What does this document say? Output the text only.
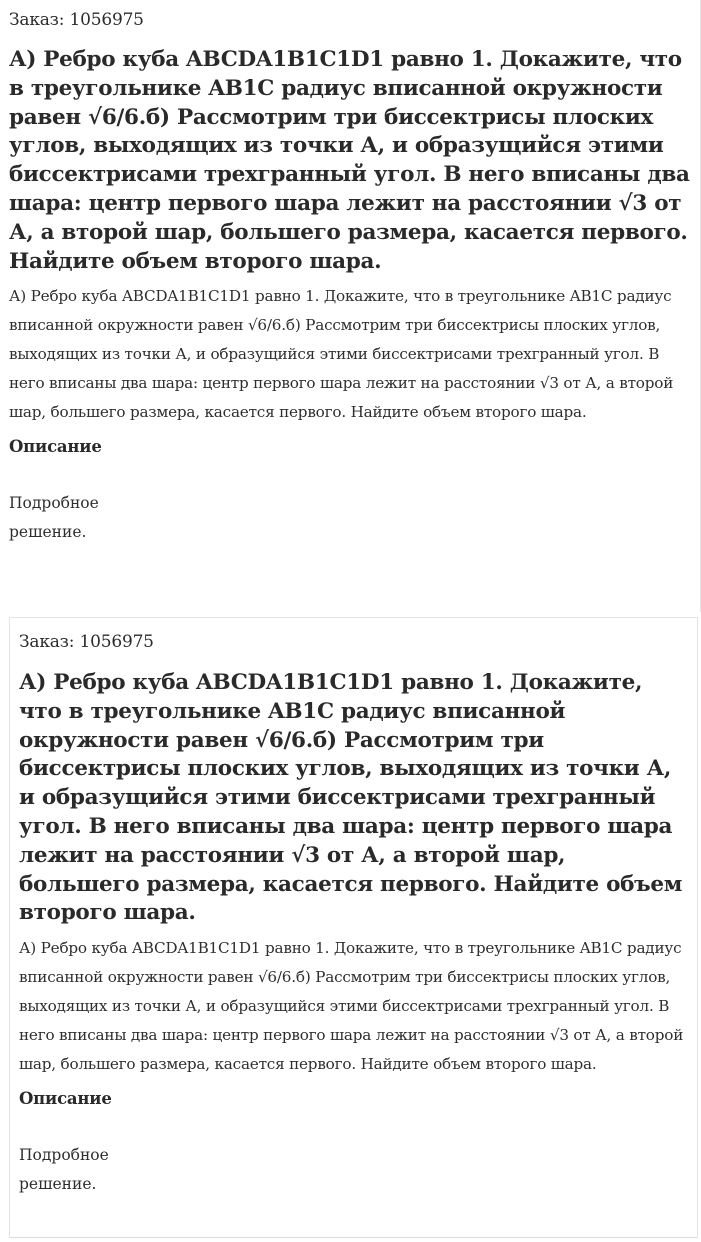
Заказ: 1056975
А) Ребро куба ABCDA1B1C1D1 равно 1. Докажите, что в треугольнике AB1C радиус вписанной окружности равен √6/6.б) Рассмотрим три биссектрисы плоских углов, выходящих из точки А, и образущийся этими биссектрисами трехгранный угол. В него вписаны два шара: центр первого шара лежит на расстоянии √3 от А, а второй шар, большего размера, касается первого. Найдите объем второго шара.

А) Ребро куба ABCDA1B1C1D1 равно 1. Докажите, что в треугольнике AB1C радиус вписанной окружности равен √6/6.б) Рассмотрим три биссектрисы плоских углов, выходящих из точки А, и образущийся этими биссектрисами трехгранный угол. В него вписаны два шара: центр первого шара лежит на расстоянии √3 от А, а второй шар, большего размера, касается первого. Найдите объем второго шара.

Описание

Подробное решение.

Заказ: 1056975
А) Ребро куба ABCDA1B1C1D1 равно 1. Докажите, что в треугольнике AB1C радиус вписанной окружности равен √6/6.б) Рассмотрим три биссектрисы плоских углов, выходящих из точки А, и образущийся этими биссектрисами трехгранный угол. В него вписаны два шара: центр первого шара лежит на расстоянии √3 от А, а второй шар, большего размера, касается первого. Найдите объем второго шара.

А) Ребро куба ABCDA1B1C1D1 равно 1. Докажите, что в треугольнике AB1C радиус вписанной окружности равен √6/6.б) Рассмотрим три биссектрисы плоских углов, выходящих из точки А, и образущийся этими биссектрисами трехгранный угол. В него вписаны два шара: центр первого шара лежит на расстоянии √3 от А, а второй шар, большего размера, касается первого. Найдите объем второго шара.

Описание

Подробное решение.
